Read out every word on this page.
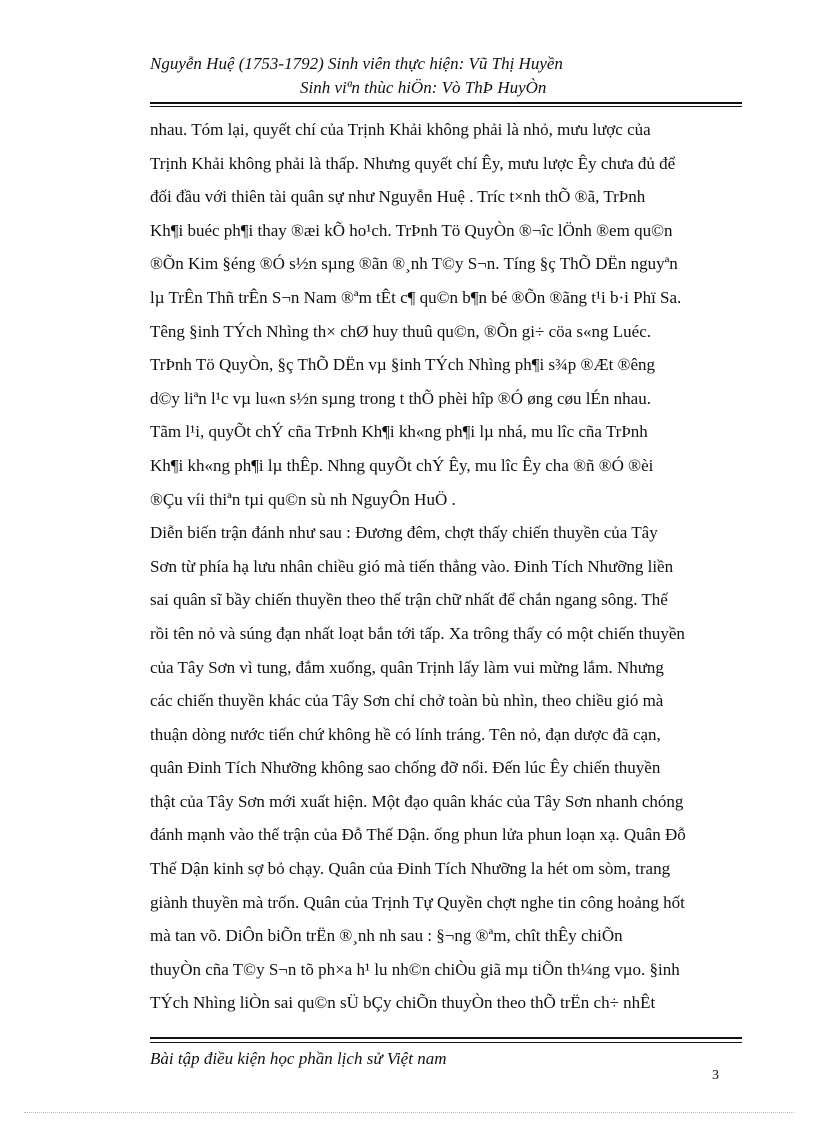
Nguyễn Huệ (1753-1792) Sinh viên thực hiện: Vũ Thị Huyền
Sinh viªn thùc hiÖn: Vò ThÞ HuyÒn
nhau. Tóm lại, quyết chí của Trịnh Khải không phải là nhỏ, mưu lược của
Trịnh Khải không phải là thấp. Nhưng quyết chí Êy, mưu lược Êy chưa đủ để
đối đầu với thiên tài quân sự như Nguyễn Huệ . Tríc t×nh thÕ ®ã, TrÞnh
Kh¶i buéc ph¶i thay ®æi kÕ ho¹ch. TrÞnh Tö QuyÒn ®¬îc lÖnh ®em qu©n
®Õn Kim §éng ®Ó s½n sµng ®ãn ®¸nh T©y S¬n. Tíng §ç ThÕ DËn nguyªn
lµ TrÊn Thñ trÊn S¬n Nam ®ªm tÊt c¶ qu©n b¶n bé ®Õn ®ãng t¹i b·i Phï Sa.
Têng §inh TÝch Nhìng th× chØ huy thuû qu©n, ®Õn gi÷ cöa s«ng Luéc.
TrÞnh Tö QuyÒn, §ç ThÕ DËn vµ §inh TÝch Nhìng ph¶i s¾p ®Æt ®êng
d©y liªn l¹c vµ lu«n s½n sµng trong t thÕ phèi hîp ®Ó øng cøu lÉn nhau.
Tãm l¹i, quyÕt chÝ cña TrÞnh Kh¶i kh«ng ph¶i lµ nhá, mu lîc cña TrÞnh
Kh¶i kh«ng ph¶i lµ thÊp. Nhng quyÕt chÝ Êy, mu lîc Êy cha ®ñ ®Ó ®èi
®Çu víi thiªn tµi qu©n sù nh NguyÔn HuÖ .
Diễn biến trận đánh như sau : Đương đêm, chợt thấy chiến thuyền của Tây
Sơn từ phía hạ lưu nhân chiều gió mà tiến thẳng vào. Đinh Tích Nhưỡng liền
sai quân sĩ bầy chiến thuyền theo thế trận chữ nhất để chắn ngang sông. Thế
rồi tên nỏ và súng đạn nhất loạt bắn tới tấp. Xa trông thấy có một chiến thuyền
của Tây Sơn vì tung, đắm xuống, quân Trịnh lấy làm vui mừng lắm. Nhưng
các chiến thuyền khác của Tây Sơn chỉ chở toàn bù nhìn, theo chiều gió mà
thuận dòng nước tiến chứ không hề có lính tráng. Tên nỏ, đạn dược đã cạn,
quân Đinh Tích Nhưỡng không sao chống đỡ nổi. Đến lúc Êy chiến thuyền
thật của Tây Sơn mới xuất hiện. Một đạo quân khác của Tây Sơn nhanh chóng
đánh mạnh vào thế trận của Đỗ Thế Dận. ống phun lửa phun loạn xạ. Quân Đỗ
Thế Dận kinh sợ bỏ chạy. Quân của Đinh Tích Nhưỡng la hét om sòm, trang
giành thuyền mà trốn. Quân của Trịnh Tự Quyền chợt nghe tin công hoảng hốt
mà tan võ. DiÔn biÕn trËn ®¸nh nh sau : §¬ng ®ªm, chît thÊy chiÕn
thuyÒn cña T©y S¬n tõ ph×a h¹ lu nh©n chiÒu giã mµ tiÕn th¼ng vµo. §inh
TÝch Nhìng liÒn sai qu©n sÜ bÇy chiÕn thuyÒn theo thÕ trËn ch÷ nhÊt
Bài tập điều kiện học phần lịch sử Việt nam
3
